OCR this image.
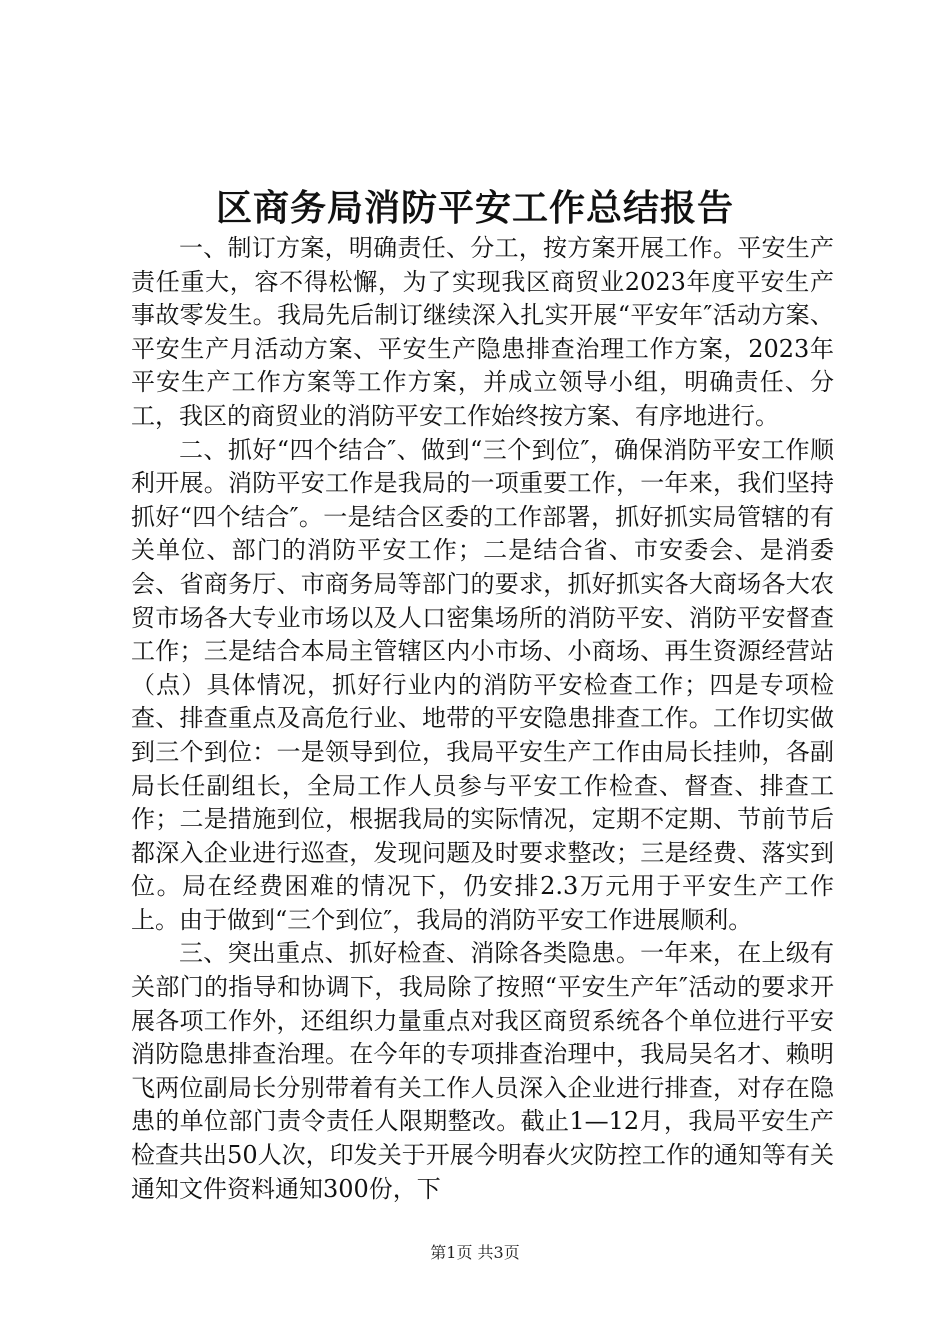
区商务局消防平安工作总结报告

一、制订方案，明确责任、分工，按方案开展工作。平安生产责任重大，容不得松懈，为了实现我区商贸业2023年度平安生产事故零发生。我局先后制订继续深入扎实开展“平安年″活动方案、平安生产月活动方案、平安生产隐患排查治理工作方案，2023年平安生产工作方案等工作方案，并成立领导小组，明确责任、分工，我区的商贸业的消防平安工作始终按方案、有序地进行。

二、抓好“四个结合″、做到“三个到位″，确保消防平安工作顺利开展。消防平安工作是我局的一项重要工作，一年来，我们坚持抓好“四个结合″。一是结合区委的工作部署，抓好抓实局管辖的有关单位、部门的消防平安工作；二是结合省、市安委会、是消委会、省商务厅、市商务局等部门的要求，抓好抓实各大商场各大农贸市场各大专业市场以及人口密集场所的消防平安、消防平安督查工作；三是结合本局主管辖区内小市场、小商场、再生资源经营站（点）具体情况，抓好行业内的消防平安检查工作；四是专项检查、排查重点及高危行业、地带的平安隐患排查工作。工作切实做到三个到位：一是领导到位，我局平安生产工作由局长挂帅，各副局长任副组长，全局工作人员参与平安工作检查、督查、排查工作；二是措施到位，根据我局的实际情况，定期不定期、节前节后都深入企业进行巡查，发现问题及时要求整改；三是经费、落实到位。局在经费困难的情况下，仍安排2.3万元用于平安生产工作上。由于做到“三个到位″，我局的消防平安工作进展顺利。

三、突出重点、抓好检查、消除各类隐患。一年来，在上级有关部门的指导和协调下，我局除了按照“平安生产年″活动的要求开展各项工作外，还组织力量重点对我区商贸系统各个单位进行平安消防隐患排查治理。在今年的专项排查治理中，我局吴名才、赖明飞两位副局长分别带着有关工作人员深入企业进行排查，对存在隐患的单位部门责令责任人限期整改。截止1—12月，我局平安生产检查共出50人次，印发关于开展今明春火灾防控工作的通知等有关通知文件资料通知300份，下

第1页 共3页
